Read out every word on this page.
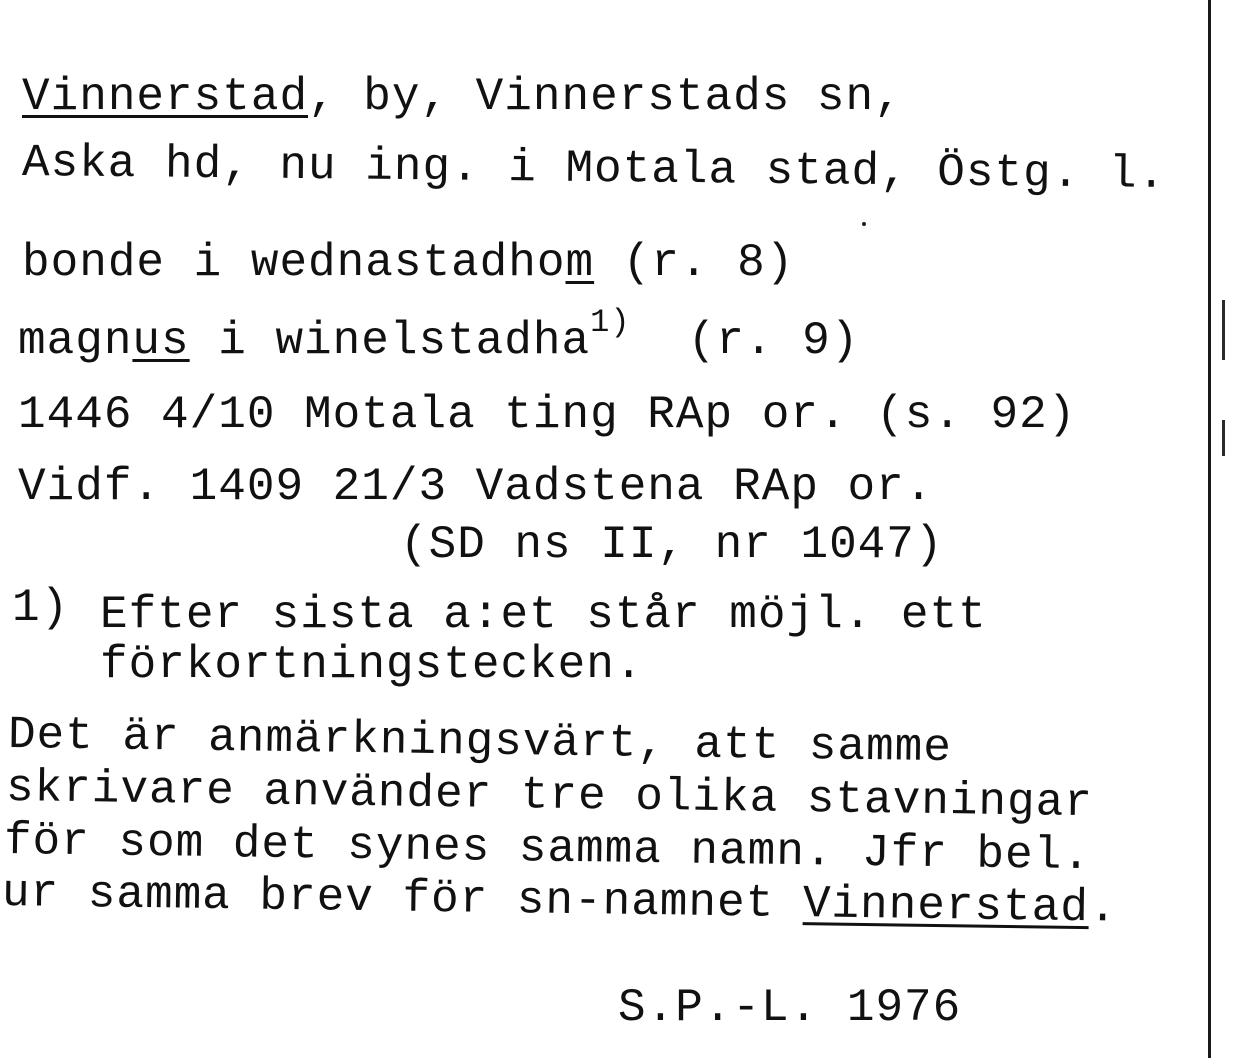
Vinnerstad, by, Vinnerstads sn,
Aska hd, nu ing. i Motala stad, Östg. l.
bonde i wednastadhom (r. 8)
magnus i winelstadha$^{1)}$  (r. 9)
1446 4/10 Motala ting RAp or. (s. 92)
Vidf. 1409 21/3 Vadstena RAp or.
(SD ns II, nr 1047)
1) Efter sista a:et står möjl. ett
förkortningstecken.
Det är anmärkningsvärt, att samme
skrivare använder tre olika stavningar
för som det synes samma namn. Jfr bel.
ur samma brev för sn-namnet Vinnerstad.
S.P.-L. 1976
